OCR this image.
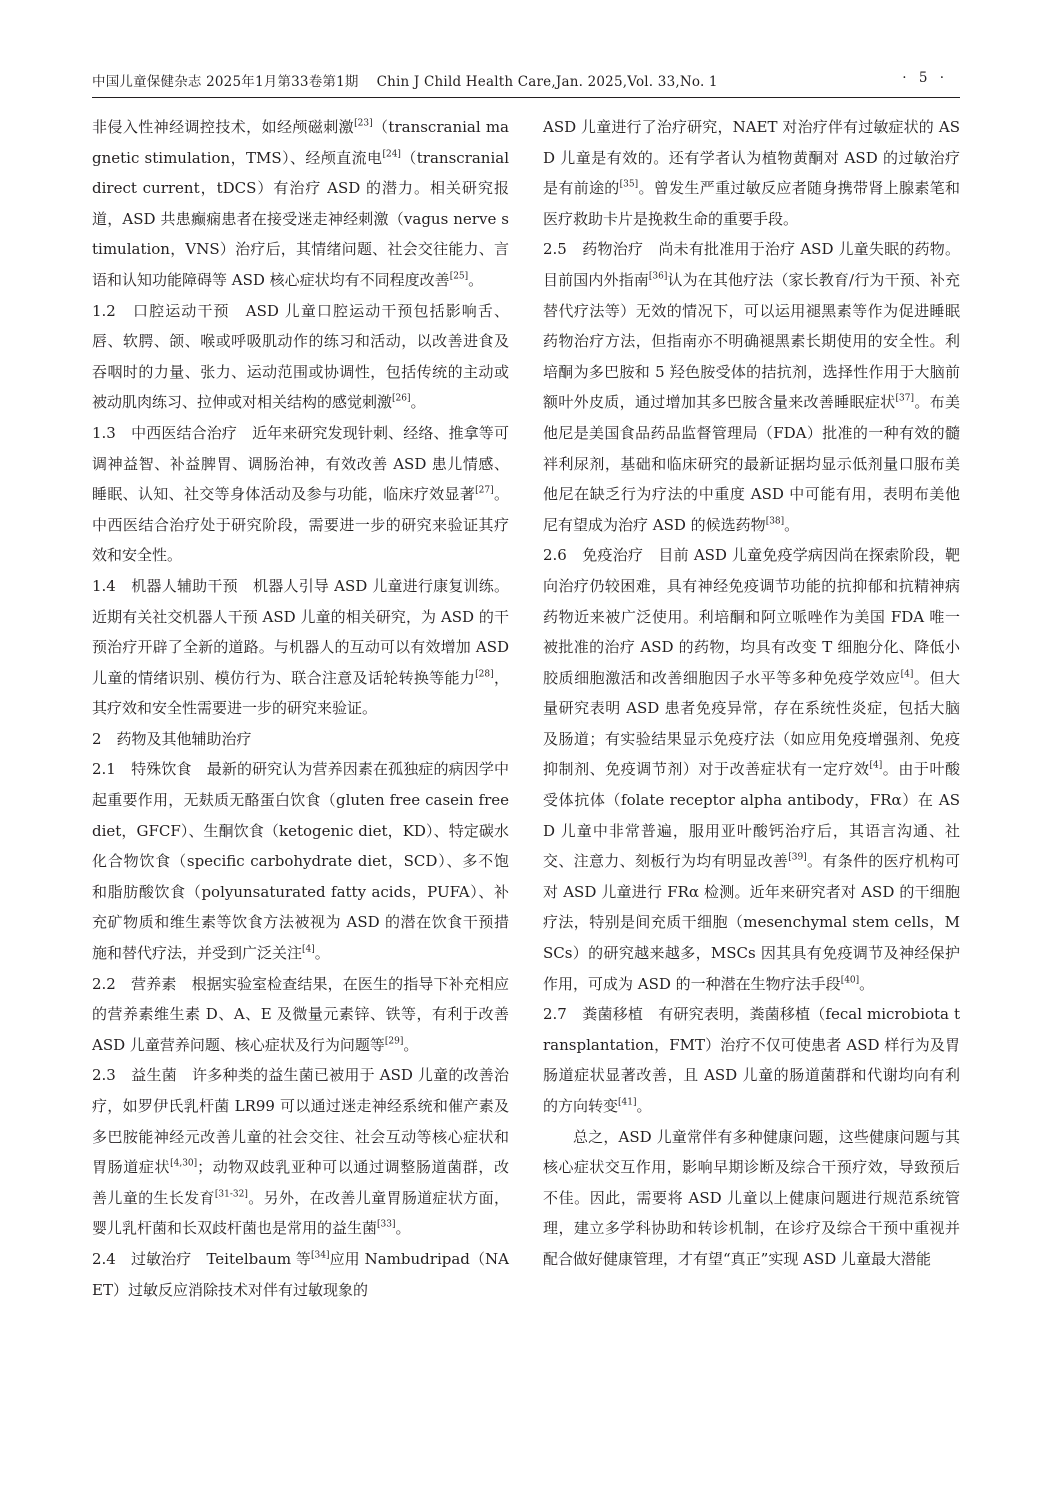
中国儿童保健杂志 2025年1月第33卷第1期 Chin J Child Health Care,Jan. 2025,Vol. 33,No. 1	· 5 ·

非侵入性神经调控技术，如经颅磁刺激[23]（transcranial magnetic stimulation，TMS）、经颅直流电[24]（transcranial direct current，tDCS）有治疗 ASD 的潜力。相关研究报道，ASD 共患癫痫患者在接受迷走神经刺激（vagus nerve stimulation，VNS）治疗后，其情绪问题、社会交往能力、言语和认知功能障碍等 ASD 核心症状均有不同程度改善[25]。

1.2　口腔运动干预　ASD 儿童口腔运动干预包括影响舌、唇、软腭、颌、喉或呼吸肌动作的练习和活动，以改善进食及吞咽时的力量、张力、运动范围或协调性，包括传统的主动或被动肌肉练习、拉伸或对相关结构的感觉刺激[26]。

1.3　中西医结合治疗　近年来研究发现针刺、经络、推拿等可调神益智、补益脾胃、调肠治神，有效改善 ASD 患儿情感、睡眠、认知、社交等身体活动及参与功能，临床疗效显著[27]。中西医结合治疗处于研究阶段，需要进一步的研究来验证其疗效和安全性。

1.4　机器人辅助干预　机器人引导 ASD 儿童进行康复训练。近期有关社交机器人干预 ASD 儿童的相关研究，为 ASD 的干预治疗开辟了全新的道路。与机器人的互动可以有效增加 ASD 儿童的情绪识别、模仿行为、联合注意及话轮转换等能力[28]，其疗效和安全性需要进一步的研究来验证。

2　药物及其他辅助治疗

2.1　特殊饮食　最新的研究认为营养因素在孤独症的病因学中起重要作用，无麸质无酪蛋白饮食（gluten free casein free diet，GFCF）、生酮饮食（ketogenic diet，KD）、特定碳水化合物饮食（specific carbohydrate diet，SCD）、多不饱和脂肪酸饮食（polyunsaturated fatty acids，PUFA）、补充矿物质和维生素等饮食方法被视为 ASD 的潜在饮食干预措施和替代疗法，并受到广泛关注[4]。

2.2　营养素　根据实验室检查结果，在医生的指导下补充相应的营养素维生素 D、A、E 及微量元素锌、铁等，有利于改善 ASD 儿童营养问题、核心症状及行为问题等[29]。

2.3　益生菌　许多种类的益生菌已被用于 ASD 儿童的改善治疗，如罗伊氏乳杆菌 LR99 可以通过迷走神经系统和催产素及多巴胺能神经元改善儿童的社会交往、社会互动等核心症状和胃肠道症状[4,30]；动物双歧乳亚种可以通过调整肠道菌群，改善儿童的生长发育[31-32]。另外，在改善儿童胃肠道症状方面，婴儿乳杆菌和长双歧杆菌也是常用的益生菌[33]。

2.4　过敏治疗　Teitelbaum 等[34]应用 Nambudripad（NAET）过敏反应消除技术对伴有过敏现象的

ASD 儿童进行了治疗研究，NAET 对治疗伴有过敏症状的 ASD 儿童是有效的。还有学者认为植物黄酮对 ASD 的过敏治疗是有前途的[35]。曾发生严重过敏反应者随身携带肾上腺素笔和医疗救助卡片是挽救生命的重要手段。

2.5　药物治疗　尚未有批准用于治疗 ASD 儿童失眠的药物。目前国内外指南[36]认为在其他疗法（家长教育/行为干预、补充替代疗法等）无效的情况下，可以运用褪黑素等作为促进睡眠药物治疗方法，但指南亦不明确褪黑素长期使用的安全性。利培酮为多巴胺和 5 羟色胺受体的拮抗剂，选择性作用于大脑前额叶外皮质，通过增加其多巴胺含量来改善睡眠症状[37]。布美他尼是美国食品药品监督管理局（FDA）批准的一种有效的髓袢利尿剂，基础和临床研究的最新证据均显示低剂量口服布美他尼在缺乏行为疗法的中重度 ASD 中可能有用，表明布美他尼有望成为治疗 ASD 的候选药物[38]。

2.6　免疫治疗　目前 ASD 儿童免疫学病因尚在探索阶段，靶向治疗仍较困难，具有神经免疫调节功能的抗抑郁和抗精神病药物近来被广泛使用。利培酮和阿立哌唑作为美国 FDA 唯一被批准的治疗 ASD 的药物，均具有改变 T 细胞分化、降低小胶质细胞激活和改善细胞因子水平等多种免疫学效应[4]。但大量研究表明 ASD 患者免疫异常，存在系统性炎症，包括大脑及肠道；有实验结果显示免疫疗法（如应用免疫增强剂、免疫抑制剂、免疫调节剂）对于改善症状有一定疗效[4]。由于叶酸受体抗体（folate receptor alpha antibody，FRα）在 ASD 儿童中非常普遍，服用亚叶酸钙治疗后，其语言沟通、社交、注意力、刻板行为均有明显改善[39]。有条件的医疗机构可对 ASD 儿童进行 FRα 检测。近年来研究者对 ASD 的干细胞疗法，特别是间充质干细胞（mesenchymal stem cells，MSCs）的研究越来越多，MSCs 因其具有免疫调节及神经保护作用，可成为 ASD 的一种潜在生物疗法手段[40]。

2.7　粪菌移植　有研究表明，粪菌移植（fecal microbiota transplantation，FMT）治疗不仅可使患者 ASD 样行为及胃肠道症状显著改善，且 ASD 儿童的肠道菌群和代谢均向有利的方向转变[41]。

总之，ASD 儿童常伴有多种健康问题，这些健康问题与其核心症状交互作用，影响早期诊断及综合干预疗效，导致预后不佳。因此，需要将 ASD 儿童以上健康问题进行规范系统管理，建立多学科协助和转诊机制，在诊疗及综合干预中重视并配合做好健康管理，才有望“真正”实现 ASD 儿童最大潜能
